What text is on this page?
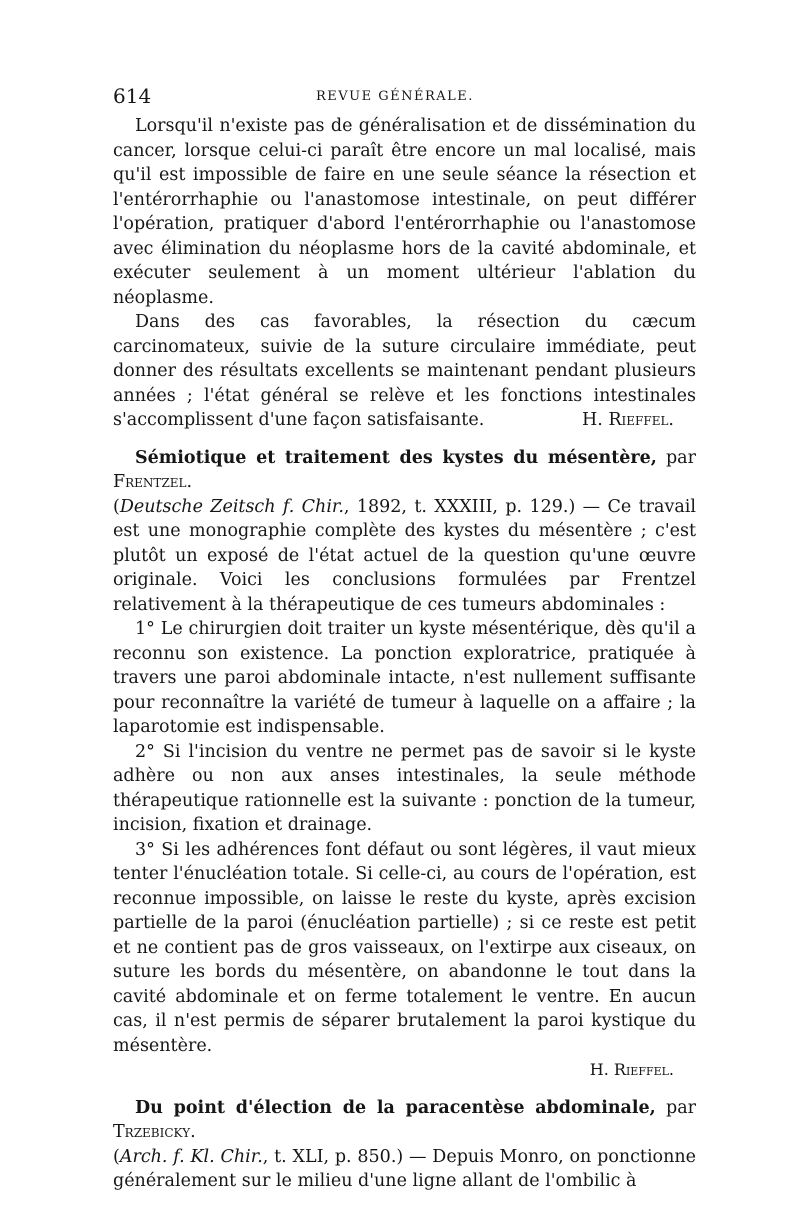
614	REVUE GÉNÉRALE.

Lorsqu'il n'existe pas de généralisation et de dissémination du cancer, lorsque celui-ci paraît être encore un mal localisé, mais qu'il est impossible de faire en une seule séance la résection et l'entérorrhaphie ou l'anastomose intestinale, on peut différer l'opération, pratiquer d'abord l'entérorrhaphie ou l'anastomose avec élimination du néoplasme hors de la cavité abdominale, et exécuter seulement à un moment ultérieur l'ablation du néoplasme.

Dans des cas favorables, la résection du cæcum carcinomateux, suivie de la suture circulaire immédiate, peut donner des résultats excellents se maintenant pendant plusieurs années ; l'état général se relève et les fonctions intestinales s'accomplissent d'une façon satisfaisante.	H. Rieffel.

Sémiotique et traitement des kystes du mésentère, par Frentzel.
(Deutsche Zeitsch f. Chir., 1892, t. XXXIII, p. 129.) — Ce travail est une monographie complète des kystes du mésentère ; c'est plutôt un exposé de l'état actuel de la question qu'une œuvre originale. Voici les conclusions formulées par Frentzel relativement à la thérapeutique de ces tumeurs abdominales :

1° Le chirurgien doit traiter un kyste mésentérique, dès qu'il a reconnu son existence. La ponction exploratrice, pratiquée à travers une paroi abdominale intacte, n'est nullement suffisante pour reconnaître la variété de tumeur à laquelle on a affaire ; la laparotomie est indispensable.

2° Si l'incision du ventre ne permet pas de savoir si le kyste adhère ou non aux anses intestinales, la seule méthode thérapeutique rationnelle est la suivante : ponction de la tumeur, incision, fixation et drainage.

3° Si les adhérences font défaut ou sont légères, il vaut mieux tenter l'énucléation totale. Si celle-ci, au cours de l'opération, est reconnue impossible, on laisse le reste du kyste, après excision partielle de la paroi (énucléation partielle) ; si ce reste est petit et ne contient pas de gros vaisseaux, on l'extirpe aux ciseaux, on suture les bords du mésentère, on abandonne le tout dans la cavité abdominale et on ferme totalement le ventre. En aucun cas, il n'est permis de séparer brutalement la paroi kystique du mésentère.

H. Rieffel.

Du point d'élection de la paracentèse abdominale, par Trzebicky.
(Arch. f. Kl. Chir., t. XLI, p. 850.) — Depuis Monro, on ponctionne généralement sur le milieu d'une ligne allant de l'ombilic à
